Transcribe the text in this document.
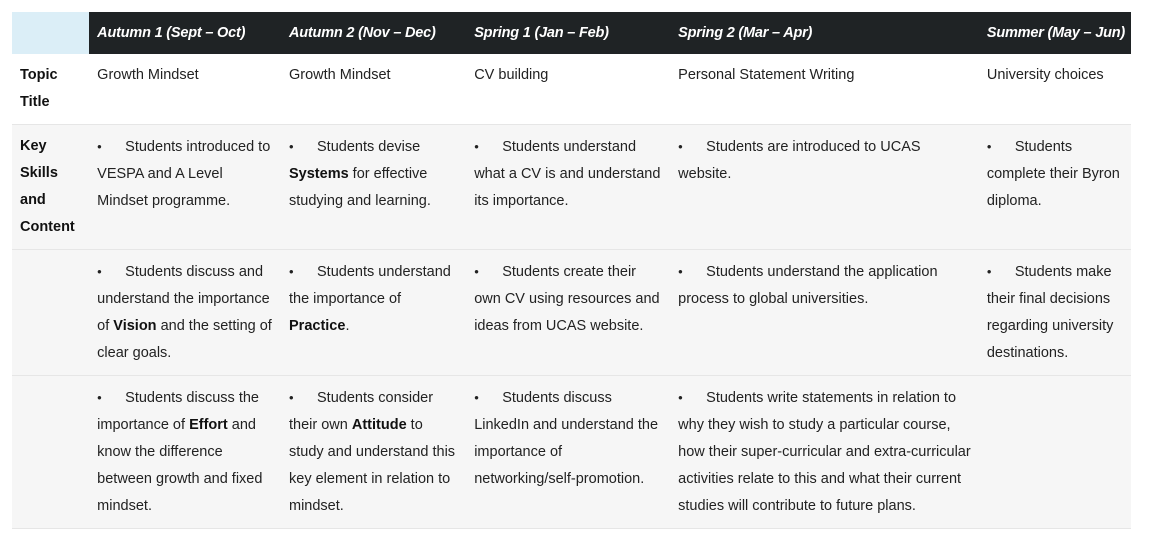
	Autumn 1 (Sept – Oct)	Autumn 2 (Nov – Dec)	Spring 1 (Jan – Feb)	Spring 2 (Mar – Apr)	Summer (May – Jun)
Topic Title	Growth Mindset	Growth Mindset	CV building	Personal Statement Writing	University choices
Key Skills and Content	•Students introduced to VESPA and A Level Mindset programme.	•Students devise Systems for effective studying and learning.	•Students understand what a CV is and understand its importance.	•Students are introduced to UCAS website.	•Students complete their Byron diploma.
	•Students discuss and understand the importance of Vision and the setting of clear goals.	•Students understand the importance of Practice.	•Students create their own CV using resources and ideas from UCAS website.	•Students understand the application process to global universities.	•Students make their final decisions regarding university destinations.
	•Students discuss the importance of Effort and know the difference between growth and fixed mindset.	•Students consider their own Attitude to study and understand this key element in relation to mindset.	•Students discuss LinkedIn and understand the importance of networking/self-promotion.	•Students write statements in relation to why they wish to study a particular course, how their super-curricular and extra-curricular activities relate to this and what their current studies will contribute to future plans.	
